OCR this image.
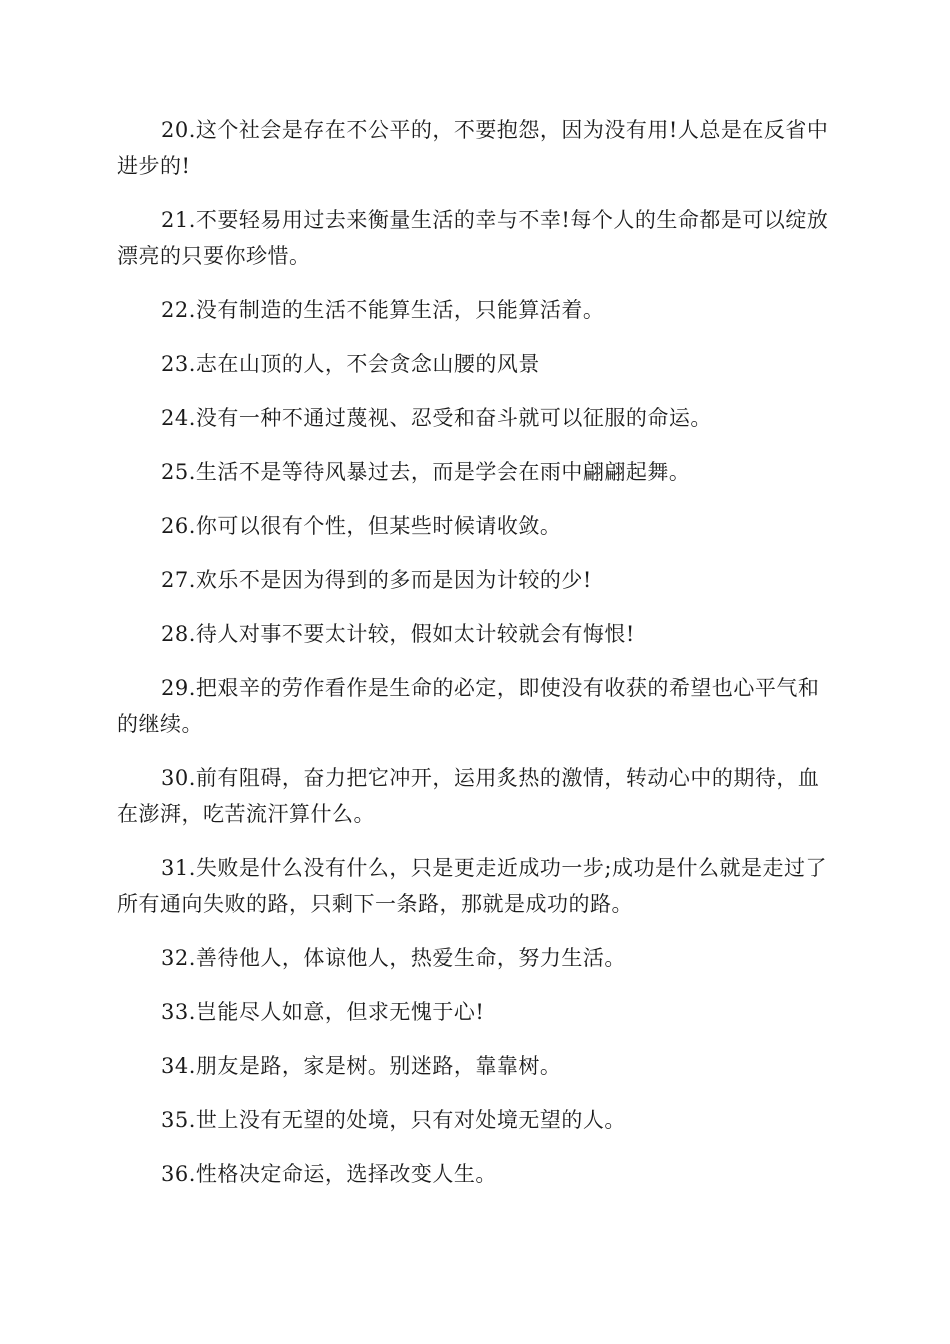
20.这个社会是存在不公平的，不要抱怨，因为没有用!人总是在反省中进步的!

21.不要轻易用过去来衡量生活的幸与不幸!每个人的生命都是可以绽放漂亮的只要你珍惜。

22.没有制造的生活不能算生活，只能算活着。

23.志在山顶的人，不会贪念山腰的风景

24.没有一种不通过蔑视、忍受和奋斗就可以征服的命运。

25.生活不是等待风暴过去，而是学会在雨中翩翩起舞。

26.你可以很有个性，但某些时候请收敛。

27.欢乐不是因为得到的多而是因为计较的少!

28.待人对事不要太计较，假如太计较就会有悔恨!

29.把艰辛的劳作看作是生命的必定，即使没有收获的希望也心平气和的继续。

30.前有阻碍，奋力把它冲开，运用炙热的激情，转动心中的期待，血在澎湃，吃苦流汗算什么。

31.失败是什么没有什么，只是更走近成功一步;成功是什么就是走过了所有通向失败的路，只剩下一条路，那就是成功的路。

32.善待他人，体谅他人，热爱生命，努力生活。

33.岂能尽人如意，但求无愧于心!

34.朋友是路，家是树。别迷路，靠靠树。

35.世上没有无望的处境，只有对处境无望的人。

36.性格决定命运，选择改变人生。
